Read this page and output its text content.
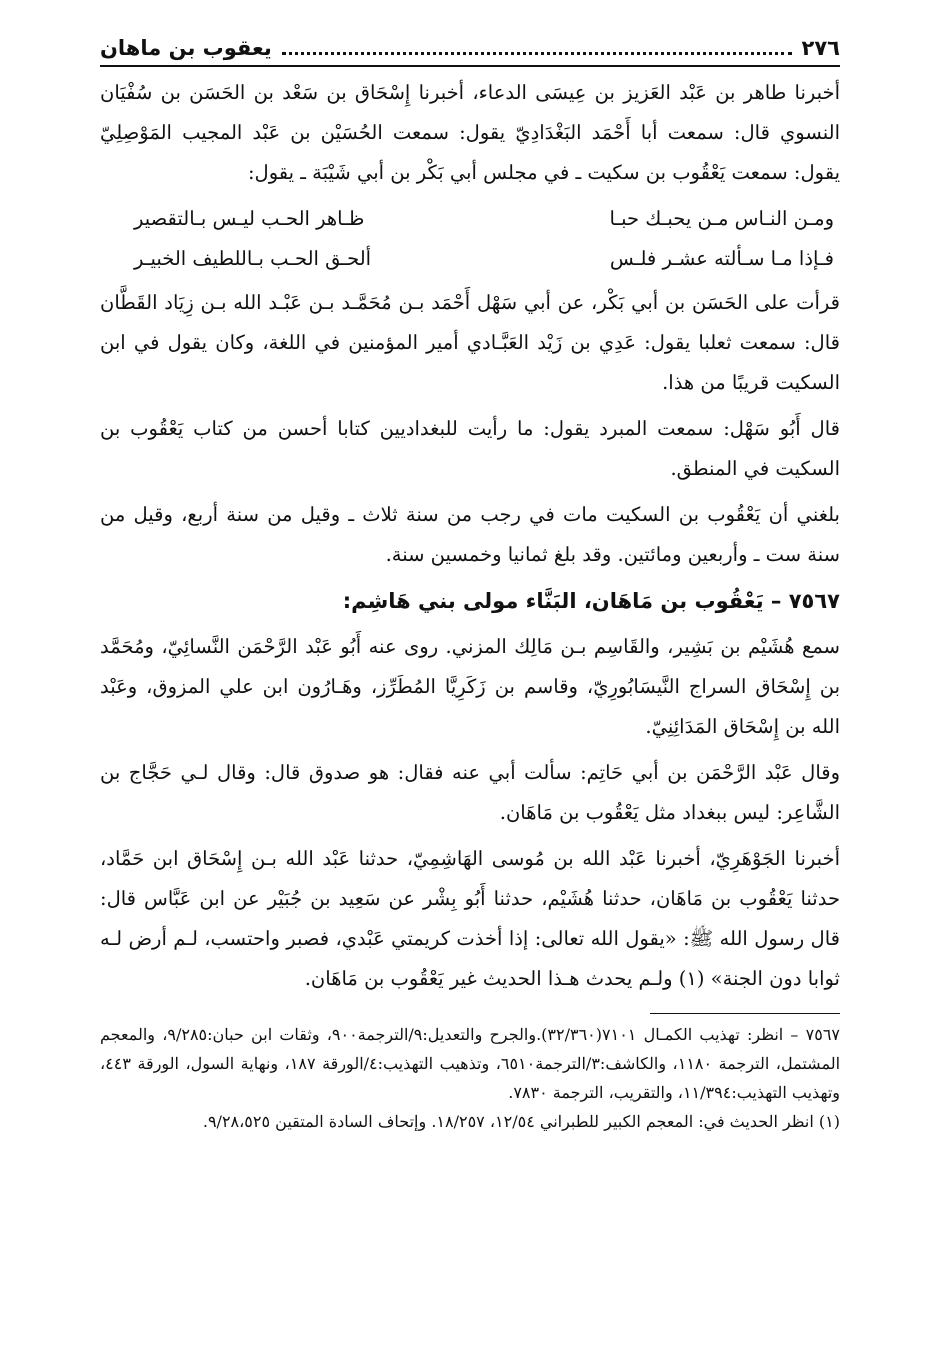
٢٧٦
يعقوب بن ماهان

أخبرنا طاهر بن عَبْد العَزيز بن عِيسَى الدعاء، أخبرنا إِسْحَاق بن سَعْد بن الحَسَن بن سُفْيَان النسوي قال: سمعت أبا أَحْمَد البَغْدَادِيّ يقول: سمعت الحُسَيْن بن عَبْد المجيب المَوْصِلِيّ يقول: سمعت يَعْقُوب بن سكيت ـ في مجلس أبي بَكْر بن أبي شَيْبَة ـ يقول:

ومـن النـاس مـن يحبـك حبـا
ظـاهر الحـب ليـس بـالتقصير
فـإذا مـا سـألته عشـر فلـس
ألحـق الحـب بـاللطيف الخبيـر

قرأت على الحَسَن بن أبي بَكْر، عن أبي سَهْل أَحْمَد بـن مُحَمَّـد بـن عَبْـد الله بـن زِيَاد القَطَّان قال: سمعت ثعلبا يقول: عَدِي بن زَيْد العَبَّـادي أمير المؤمنين في اللغة، وكان يقول في ابن السكيت قريبًا من هذا.

قال أَبُو سَهْل: سمعت المبرد يقول: ما رأيت للبغداديين كتابا أحسن من كتاب يَعْقُوب بن السكيت في المنطق.

بلغني أن يَعْقُوب بن السكيت مات في رجب من سنة ثلاث ـ وقيل من سنة أربع، وقيل من سنة ست ـ وأربعين ومائتين. وقد بلغ ثمانيا وخمسين سنة.

٧٥٦٧ – يَعْقُوب بن مَاهَان، البَنَّاء مولى بني هَاشِم:

سمع هُشَيْم بن بَشِير، والقَاسِم بـن مَالِك المزني. روى عنه أَبُو عَبْد الرَّحْمَن النَّسائِيّ، ومُحَمَّد بن إِسْحَاق السراج النَّيسَابُورِيّ، وقاسم بن زَكَرِيَّا المُطَرِّز، وهَـارُون ابن علي المزوق، وعَبْد الله بن إِسْحَاق المَدَائِنِيّ.

وقال عَبْد الرَّحْمَن بن أبي حَاتِم: سألت أبي عنه فقال: هو صدوق قال: وقال لـي حَجَّاج بن الشَّاعِر: ليس ببغداد مثل يَعْقُوب بن مَاهَان.

أخبرنا الجَوْهَرِيّ، أخبرنا عَبْد الله بن مُوسى الهَاشِمِيّ، حدثنا عَبْد الله بـن إِسْحَاق ابن حَمَّاد، حدثنا يَعْقُوب بن مَاهَان، حدثنا هُشَيْم، حدثنا أَبُو بِشْر عن سَعِيد بن جُبَيْر عن ابن عَبَّاس قال: قال رسول الله ﷺ: «يقول الله تعالى: إذا أخذت كريمتي عَبْدي، فصبر واحتسب، لـم أرض لـه ثوابا دون الجنة» (١) ولـم يحدث هـذا الحديث غير يَعْقُوب بن مَاهَان.

٧٥٦٧ – انظر: تهذيب الكمـال ٧١٠١(٣٢/٣٦٠).والجرح والتعديل:٩/الترجمة٩٠٠، وثقات ابن حبان:٩/٢٨٥، والمعجم المشتمل، الترجمة ١١٨٠، والكاشف:٣/الترجمة٦٥١٠، وتذهيب التهذيب:٤/الورقة ١٨٧، ونهاية السول، الورقة ٤٤٣، وتهذيب التهذيب:١١/٣٩٤، والتقريب، الترجمة ٧٨٣٠.

(١) انظر الحديث في: المعجم الكبير للطبراني ١٢/٥٤، ١٨/٢٥٧. وإتحاف السادة المتقين ٩/٢٨،٥٢٥.
